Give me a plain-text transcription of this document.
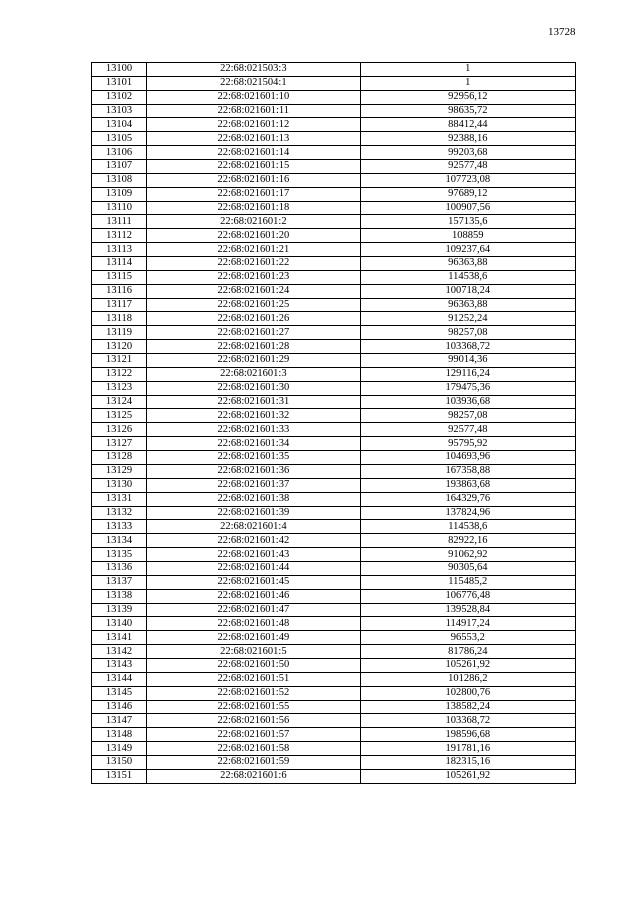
13728
13100	22:68:021503:3	1
13101	22:68:021504:1	1
13102	22:68:021601:10	92956,12
13103	22:68:021601:11	98635,72
13104	22:68:021601:12	88412,44
13105	22:68:021601:13	92388,16
13106	22:68:021601:14	99203,68
13107	22:68:021601:15	92577,48
13108	22:68:021601:16	107723,08
13109	22:68:021601:17	97689,12
13110	22:68:021601:18	100907,56
13111	22:68:021601:2	157135,6
13112	22:68:021601:20	108859
13113	22:68:021601:21	109237,64
13114	22:68:021601:22	96363,88
13115	22:68:021601:23	114538,6
13116	22:68:021601:24	100718,24
13117	22:68:021601:25	96363,88
13118	22:68:021601:26	91252,24
13119	22:68:021601:27	98257,08
13120	22:68:021601:28	103368,72
13121	22:68:021601:29	99014,36
13122	22:68:021601:3	129116,24
13123	22:68:021601:30	179475,36
13124	22:68:021601:31	103936,68
13125	22:68:021601:32	98257,08
13126	22:68:021601:33	92577,48
13127	22:68:021601:34	95795,92
13128	22:68:021601:35	104693,96
13129	22:68:021601:36	167358,88
13130	22:68:021601:37	193863,68
13131	22:68:021601:38	164329,76
13132	22:68:021601:39	137824,96
13133	22:68:021601:4	114538,6
13134	22:68:021601:42	82922,16
13135	22:68:021601:43	91062,92
13136	22:68:021601:44	90305,64
13137	22:68:021601:45	115485,2
13138	22:68:021601:46	106776,48
13139	22:68:021601:47	139528,84
13140	22:68:021601:48	114917,24
13141	22:68:021601:49	96553,2
13142	22:68:021601:5	81786,24
13143	22:68:021601:50	105261,92
13144	22:68:021601:51	101286,2
13145	22:68:021601:52	102800,76
13146	22:68:021601:55	138582,24
13147	22:68:021601:56	103368,72
13148	22:68:021601:57	198596,68
13149	22:68:021601:58	191781,16
13150	22:68:021601:59	182315,16
13151	22:68:021601:6	105261,92
